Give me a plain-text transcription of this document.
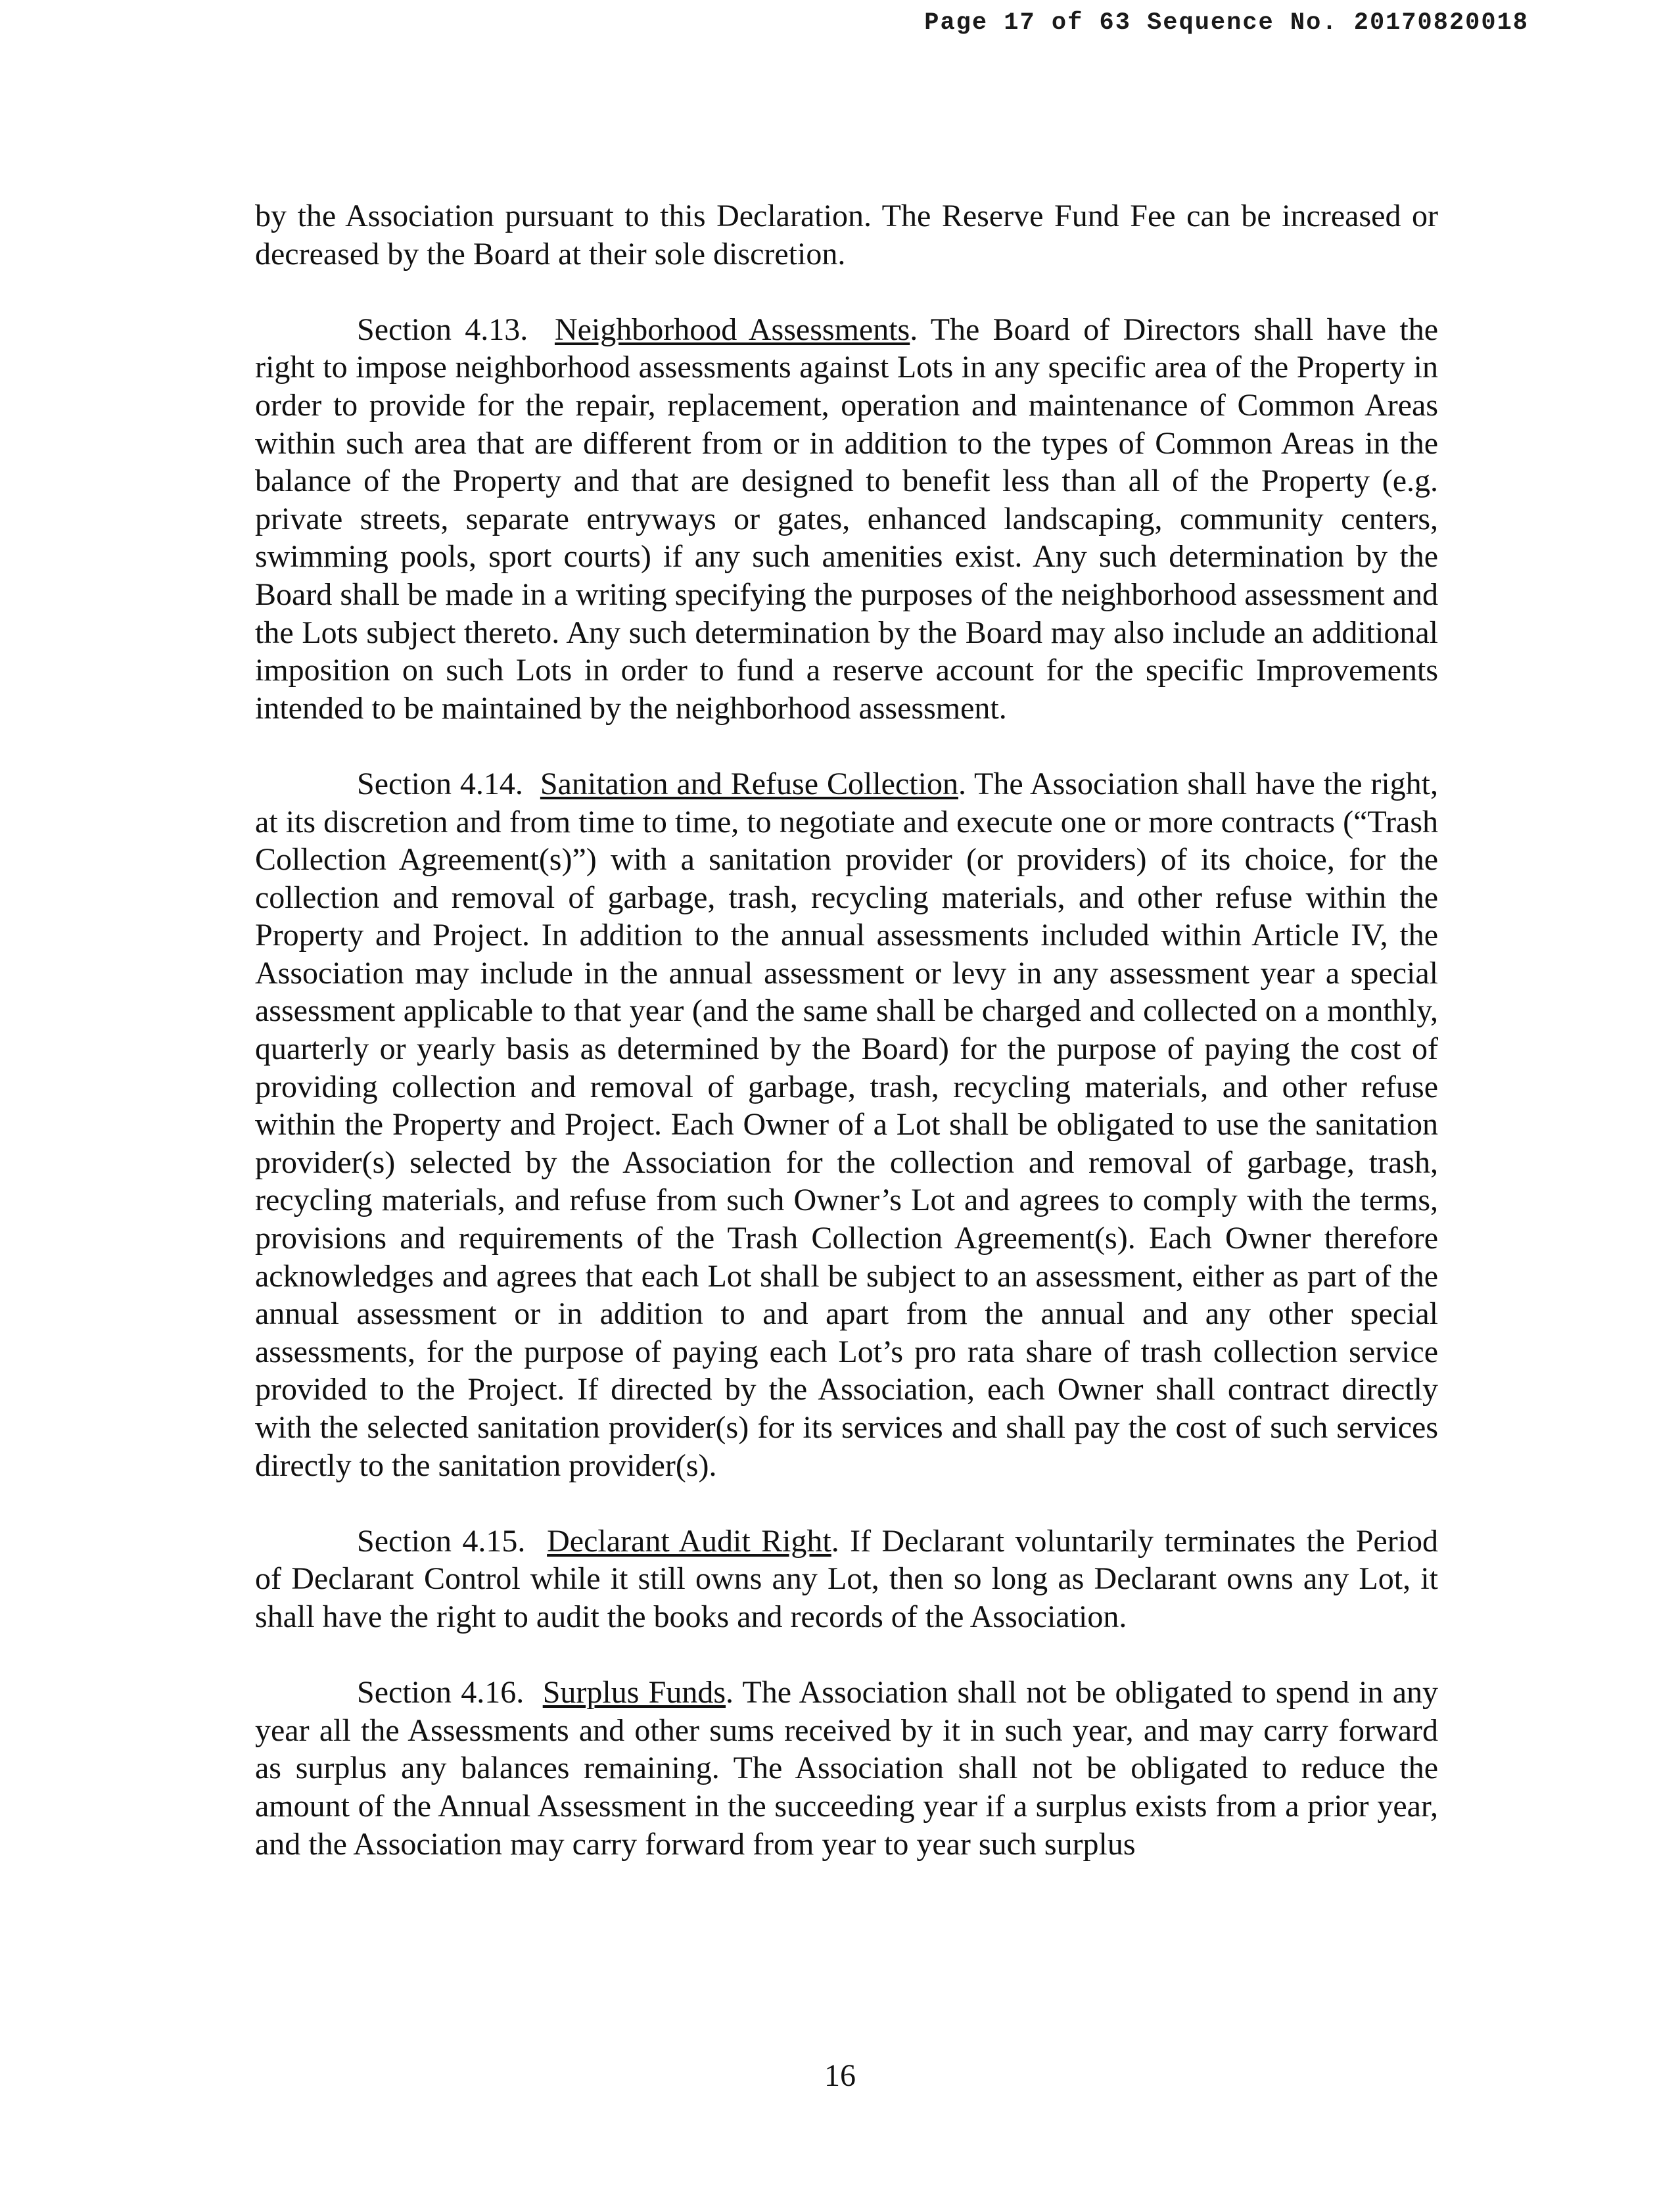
Page 17 of 63 Sequence No. 20170820018

by the Association pursuant to this Declaration. The Reserve Fund Fee can be increased or decreased by the Board at their sole discretion.

Section 4.13. Neighborhood Assessments. The Board of Directors shall have the right to impose neighborhood assessments against Lots in any specific area of the Property in order to provide for the repair, replacement, operation and maintenance of Common Areas within such area that are different from or in addition to the types of Common Areas in the balance of the Property and that are designed to benefit less than all of the Property (e.g. private streets, separate entryways or gates, enhanced landscaping, community centers, swimming pools, sport courts) if any such amenities exist. Any such determination by the Board shall be made in a writing specifying the purposes of the neighborhood assessment and the Lots subject thereto. Any such determination by the Board may also include an additional imposition on such Lots in order to fund a reserve account for the specific Improvements intended to be maintained by the neighborhood assessment.

Section 4.14. Sanitation and Refuse Collection. The Association shall have the right, at its discretion and from time to time, to negotiate and execute one or more contracts (“Trash Collection Agreement(s)”) with a sanitation provider (or providers) of its choice, for the collection and removal of garbage, trash, recycling materials, and other refuse within the Property and Project. In addition to the annual assessments included within Article IV, the Association may include in the annual assessment or levy in any assessment year a special assessment applicable to that year (and the same shall be charged and collected on a monthly, quarterly or yearly basis as determined by the Board) for the purpose of paying the cost of providing collection and removal of garbage, trash, recycling materials, and other refuse within the Property and Project. Each Owner of a Lot shall be obligated to use the sanitation provider(s) selected by the Association for the collection and removal of garbage, trash, recycling materials, and refuse from such Owner’s Lot and agrees to comply with the terms, provisions and requirements of the Trash Collection Agreement(s). Each Owner therefore acknowledges and agrees that each Lot shall be subject to an assessment, either as part of the annual assessment or in addition to and apart from the annual and any other special assessments, for the purpose of paying each Lot’s pro rata share of trash collection service provided to the Project. If directed by the Association, each Owner shall contract directly with the selected sanitation provider(s) for its services and shall pay the cost of such services directly to the sanitation provider(s).

Section 4.15. Declarant Audit Right. If Declarant voluntarily terminates the Period of Declarant Control while it still owns any Lot, then so long as Declarant owns any Lot, it shall have the right to audit the books and records of the Association.

Section 4.16. Surplus Funds. The Association shall not be obligated to spend in any year all the Assessments and other sums received by it in such year, and may carry forward as surplus any balances remaining. The Association shall not be obligated to reduce the amount of the Annual Assessment in the succeeding year if a surplus exists from a prior year, and the Association may carry forward from year to year such surplus

16
